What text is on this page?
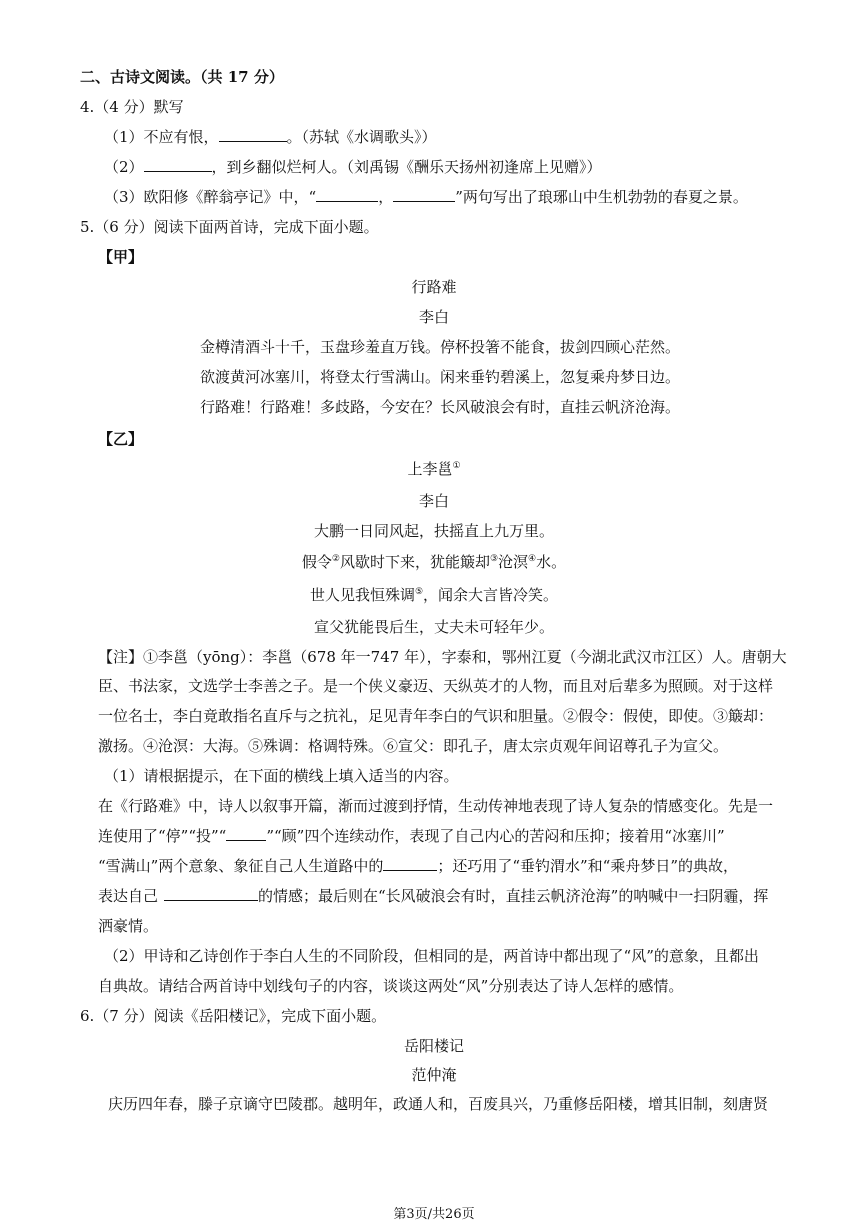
二、古诗文阅读。（共 17 分）
4.（4 分）默写
（1）不应有恨，	。（苏轼《水调歌头》）
（2）	，到乡翻似烂柯人。（刘禹锡《酬乐天扬州初逢席上见赠》）
（3）欧阳修《醉翁亭记》中，“	，	”两句写出了琅琊山中生机勃勃的春夏之景。
5.（6 分）阅读下面两首诗，完成下面小题。
【甲】
行路难
李白
金樽清酒斗十千，玉盘珍羞直万钱。停杯投箸不能食，拔剑四顾心茫然。
欲渡黄河冰塞川，将登太行雪满山。闲来垂钓碧溪上，忽复乘舟梦日边。
行路难！行路难！多歧路，今安在？长风破浪会有时，直挂云帆济沧海。
【乙】
上李邕①
李白
大鹏一日同风起，扶摇直上九万里。
假令②风歇时下来，犹能簸却③沧溟④水。
世人见我恒殊调⑤，闻余大言皆冷笑。
宣父犹能畏后生，丈夫未可轻年少。
【注】①李邕（yōng）：李邕（678 年一747 年），字泰和，鄂州江夏（今湖北武汉市江区）人。唐朝大
臣、书法家，文选学士李善之子。是一个侠义豪迈、天纵英才的人物，而且对后辈多为照顾。对于这样
一位名士，李白竟敢指名直斥与之抗礼，足见青年李白的气识和胆量。②假令：假使，即使。③簸却：
激扬。④沧溟：大海。⑤殊调：格调特殊。⑥宣父：即孔子，唐太宗贞观年间诏尊孔子为宣父。
（1）请根据提示，在下面的横线上填入适当的内容。
在《行路难》中，诗人以叙事开篇，渐而过渡到抒情，生动传神地表现了诗人复杂的情感变化。先是一
连使用了“停”“投”“	”“顾”四个连续动作，表现了自己内心的苦闷和压抑；接着用“冰塞川”
“雪满山”两个意象、象征自己人生道路中的	；还巧用了“垂钓渭水”和“乘舟梦日”的典故，
表达自己	的情感；最后则在“长风破浪会有时，直挂云帆济沧海”的呐喊中一扫阴霾，挥
洒豪情。
（2）甲诗和乙诗创作于李白人生的不同阶段，但相同的是，两首诗中都出现了“风”的意象，且都出
自典故。请结合两首诗中划线句子的内容，谈谈这两处“风”分别表达了诗人怎样的感情。
6.（7 分）阅读《岳阳楼记》，完成下面小题。
岳阳楼记
范仲淹
庆历四年春，滕子京谪守巴陵郡。越明年，政通人和，百废具兴，乃重修岳阳楼，增其旧制，刻唐贤
第3页/共26页
